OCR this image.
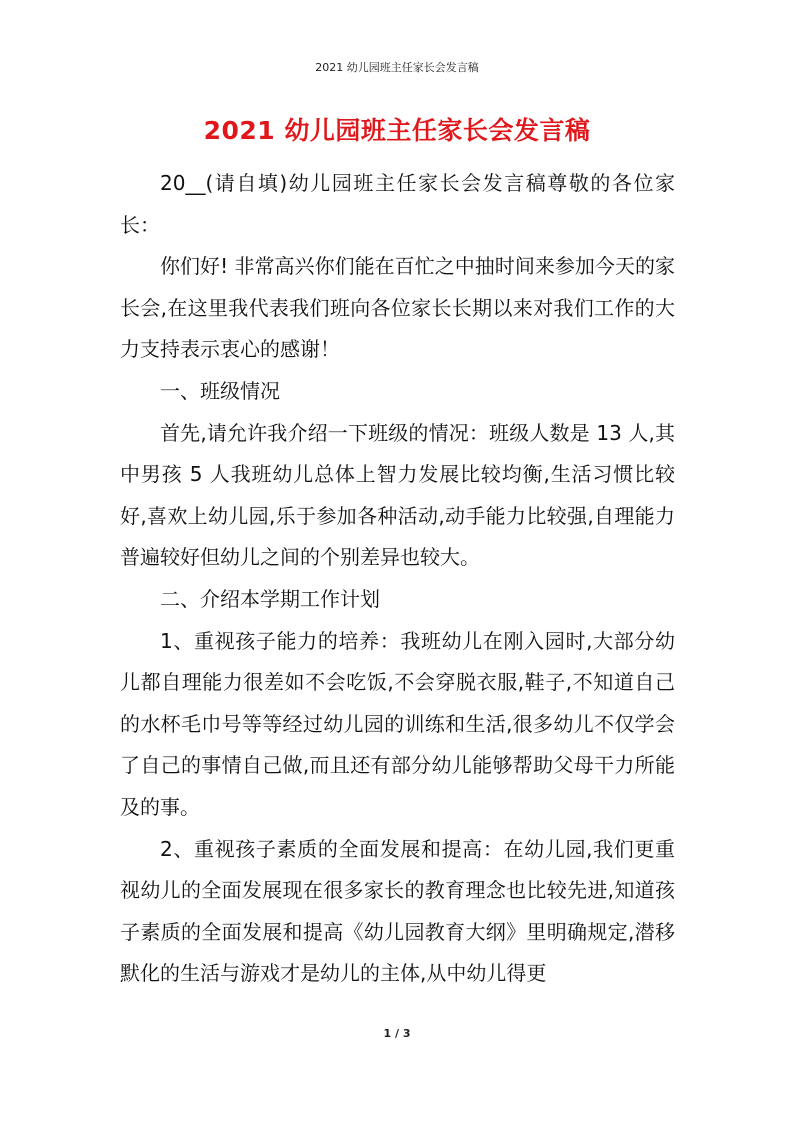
2021 幼儿园班主任家长会发言稿
2021 幼儿园班主任家长会发言稿

20__(请自填)幼儿园班主任家长会发言稿尊敬的各位家长：

你们好! 非常高兴你们能在百忙之中抽时间来参加今天的家长会,在这里我代表我们班向各位家长长期以来对我们工作的大力支持表示衷心的感谢！

一、班级情况

首先,请允许我介绍一下班级的情况：班级人数是 13 人,其中男孩 5 人我班幼儿总体上智力发展比较均衡,生活习惯比较好,喜欢上幼儿园,乐于参加各种活动,动手能力比较强,自理能力普遍较好但幼儿之间的个别差异也较大。

二、介绍本学期工作计划

1、重视孩子能力的培养：我班幼儿在刚入园时,大部分幼儿都自理能力很差如不会吃饭,不会穿脱衣服,鞋子,不知道自己的水杯毛巾号等等经过幼儿园的训练和生活,很多幼儿不仅学会了自己的事情自己做,而且还有部分幼儿能够帮助父母干力所能及的事。

2、重视孩子素质的全面发展和提高：在幼儿园,我们更重视幼儿的全面发展现在很多家长的教育理念也比较先进,知道孩子素质的全面发展和提高《幼儿园教育大纲》里明确规定,潜移默化的生活与游戏才是幼儿的主体,从中幼儿得更

1 / 3
